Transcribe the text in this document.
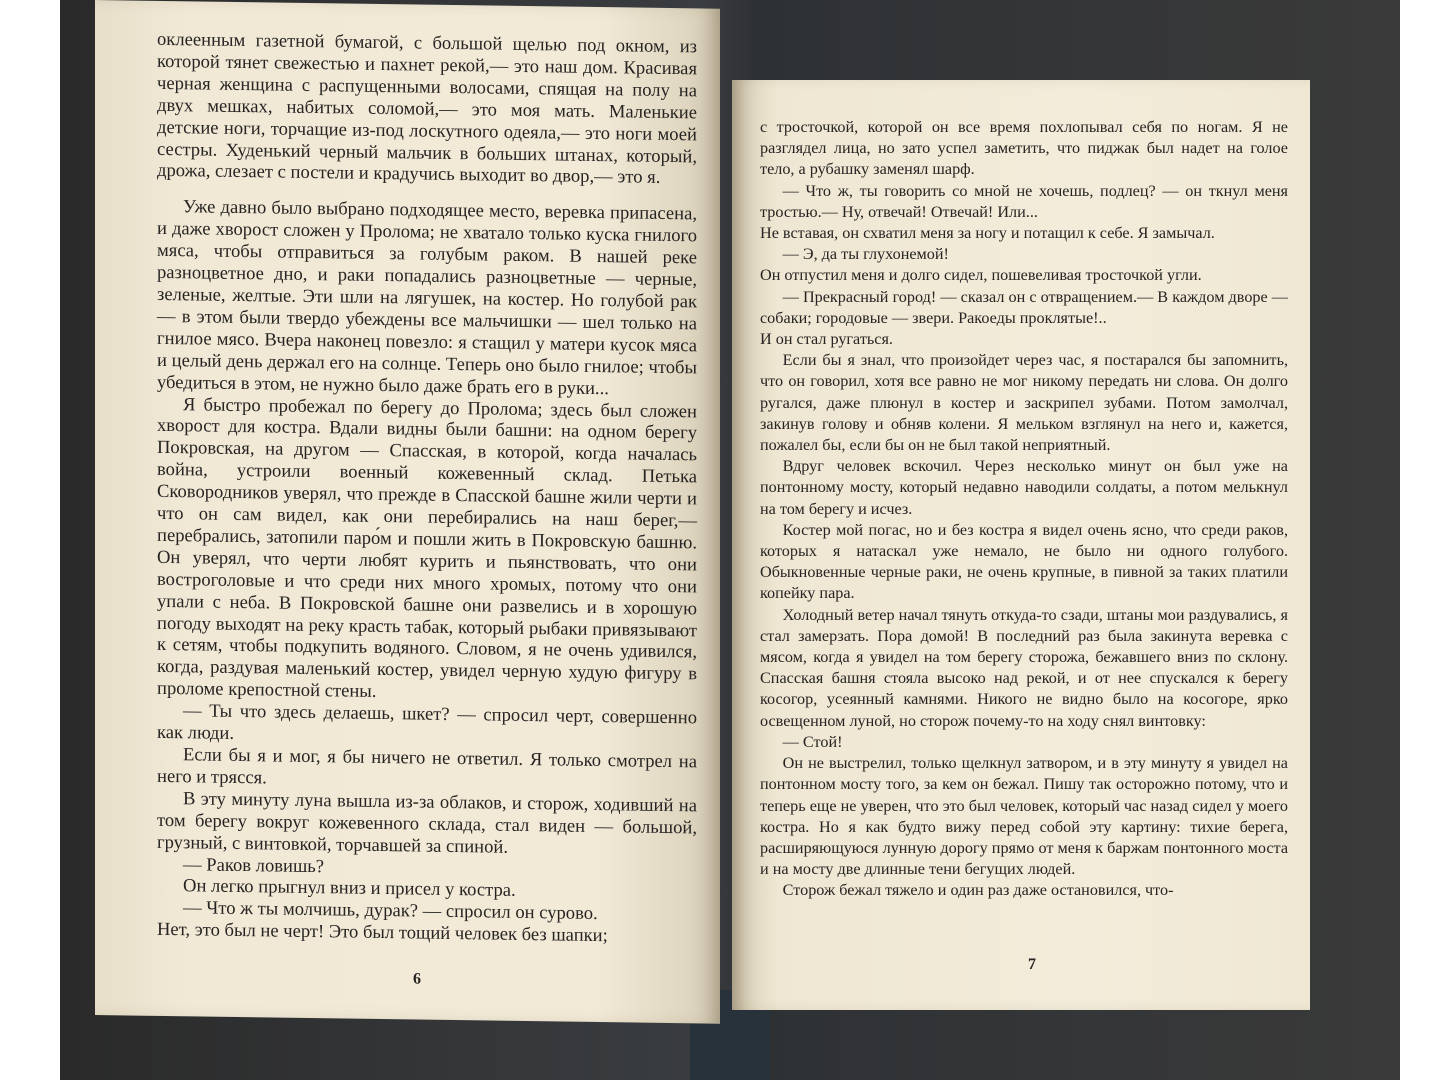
оклеенным газетной бумагой, с большой щелью под окном, из которой тянет свежестью и пахнет рекой,— это наш дом. Красивая черная женщина с распущенными волосами, спящая на полу на двух мешках, набитых соломой,— это моя мать. Маленькие детские ноги, торчащие из-под лоскутного одеяла,— это ноги моей сестры. Худенький черный мальчик в больших штанах, который, дрожа, слезает с постели и крадучись выходит во двор,— это я.

Уже давно было выбрано подходящее место, веревка припасена, и даже хворост сложен у Пролома; не хватало только куска гнилого мяса, чтобы отправиться за голубым раком. В нашей реке разноцветное дно, и раки попадались разноцветные — черные, зеленые, желтые. Эти шли на лягушек, на костер. Но голубой рак — в этом были твердо убеждены все мальчишки — шел только на гнилое мясо. Вчера наконец повезло: я стащил у матери кусок мяса и целый день держал его на солнце. Теперь оно было гнилое; чтобы убедиться в этом, не нужно было даже брать его в руки...

Я быстро пробежал по берегу до Пролома; здесь был сложен хворост для костра. Вдали видны были башни: на одном берегу Покровская, на другом — Спасская, в которой, когда началась война, устроили военный кожевенный склад. Петька Сковородников уверял, что прежде в Спасской башне жили черти и что он сам видел, как они перебирались на наш берег,— перебрались, затопили паро́м и пошли жить в Покровскую башню. Он уверял, что черти любят курить и пьянствовать, что они востроголовые и что среди них много хромых, потому что они упали с неба. В Покровской башне они развелись и в хорошую погоду выходят на реку красть табак, который рыбаки привязывают к сетям, чтобы подкупить водяного. Словом, я не очень удивился, когда, раздувая маленький костер, увидел черную худую фигуру в проломе крепостной стены.

— Ты что здесь делаешь, шкет? — спросил черт, совершенно как люди.

Если бы я и мог, я бы ничего не ответил. Я только смотрел на него и трясся.

В эту минуту луна вышла из-за облаков, и сторож, ходивший на том берегу вокруг кожевенного склада, стал виден — большой, грузный, с винтовкой, торчавшей за спиной.

— Раков ловишь?

Он легко прыгнул вниз и присел у костра.

— Что ж ты молчишь, дурак? — спросил он сурово.

Нет, это был не черт! Это был тощий человек без шапки;

6

с тросточкой, которой он все время похлопывал себя по ногам. Я не разглядел лица, но зато успел заметить, что пиджак был надет на голое тело, а рубашку заменял шарф.

— Что ж, ты говорить со мной не хочешь, подлец? — он ткнул меня тростью.— Ну, отвечай! Отвечай! Или...

Не вставая, он схватил меня за ногу и потащил к себе. Я замычал.

— Э, да ты глухонемой!

Он отпустил меня и долго сидел, пошевеливая тросточкой угли.

— Прекрасный город! — сказал он с отвращением.— В каждом дворе — собаки; городовые — звери. Ракоеды проклятые!..

И он стал ругаться.

Если бы я знал, что произойдет через час, я постарался бы запомнить, что он говорил, хотя все равно не мог никому передать ни слова. Он долго ругался, даже плюнул в костер и заскрипел зубами. Потом замолчал, закинув голову и обняв колени. Я мельком взглянул на него и, кажется, пожалел бы, если бы он не был такой неприятный.

Вдруг человек вскочил. Через несколько минут он был уже на понтонному мосту, который недавно наводили солдаты, а потом мелькнул на том берегу и исчез.

Костер мой погас, но и без костра я видел очень ясно, что среди раков, которых я натаскал уже немало, не было ни одного голубого. Обыкновенные черные раки, не очень крупные, в пивной за таких платили копейку пара.

Холодный ветер начал тянуть откуда-то сзади, штаны мои раздувались, я стал замерзать. Пора домой! В последний раз была закинута веревка с мясом, когда я увидел на том берегу сторожа, бежавшего вниз по склону. Спасская башня стояла высоко над рекой, и от нее спускался к берегу косогор, усеянный камнями. Никого не видно было на косогоре, ярко освещенном луной, но сторож почему-то на ходу снял винтовку:

— Стой!

Он не выстрелил, только щелкнул затвором, и в эту минуту я увидел на понтонном мосту того, за кем он бежал. Пишу так осторожно потому, что и теперь еще не уверен, что это был человек, который час назад сидел у моего костра. Но я как будто вижу перед собой эту картину: тихие берега, расширяющуюся лунную дорогу прямо от меня к баржам понтонного моста и на мосту две длинные тени бегущих людей.

Сторож бежал тяжело и один раз даже остановился, что-

7
